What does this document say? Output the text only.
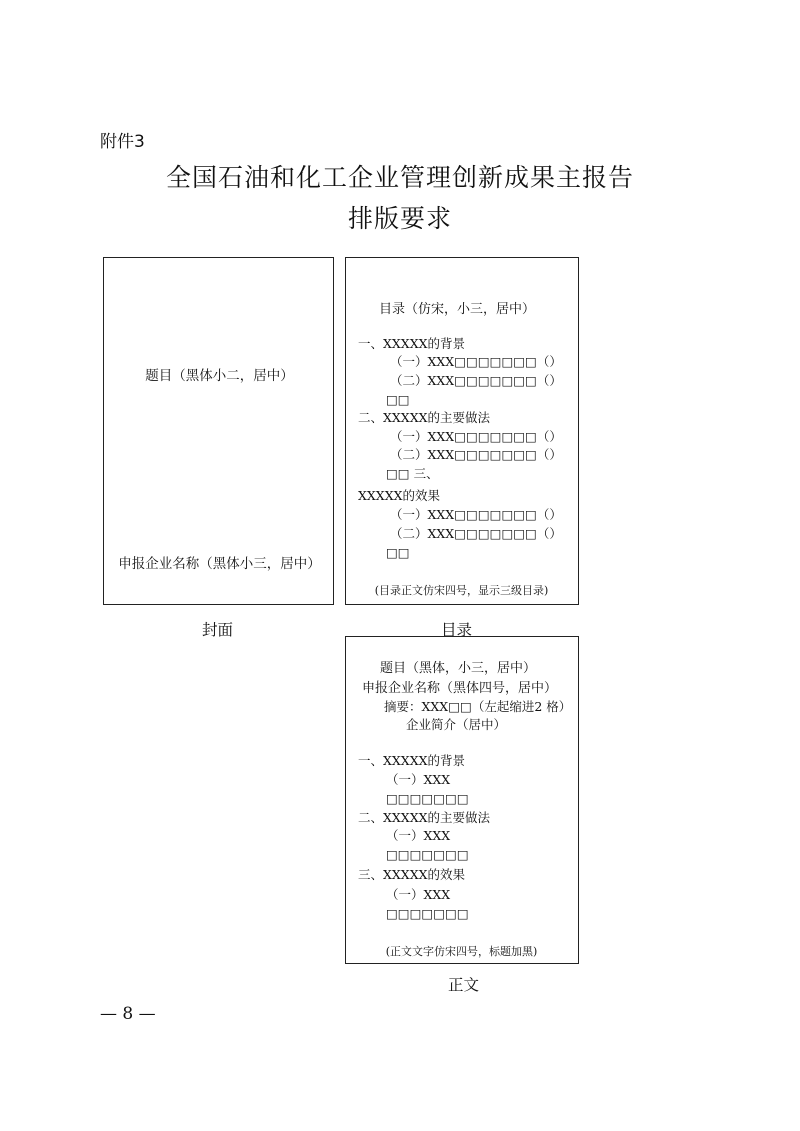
附件3
全国石油和化工企业管理创新成果主报告
排版要求
题目（黑体小二，居中）
申报企业名称（黑体小三，居中）
封面
目录（仿宋，小三，居中）
一、XXXXX的背景
（一）XXX□□□□□□□（）
（二）XXX□□□□□□□（）
□□
二、XXXXX的主要做法
（一）XXX□□□□□□□（）
（二）XXX□□□□□□□（）
□□ 三、
XXXXX的效果
（一）XXX□□□□□□□（）
（二）XXX□□□□□□□（）
□□
(目录正文仿宋四号，显示三级目录)
目录
题目（黑体，小三，居中）
申报企业名称（黑体四号，居中）
摘要：XXX□□（左起缩进2 格）
企业简介（居中）
一、XXXXX的背景
（一）XXX
□□□□□□□
二、XXXXX的主要做法
（一）XXX
□□□□□□□
三、XXXXX的效果
（一）XXX
□□□□□□□
(正文文字仿宋四号，标题加黑)
正文
— 8 —
